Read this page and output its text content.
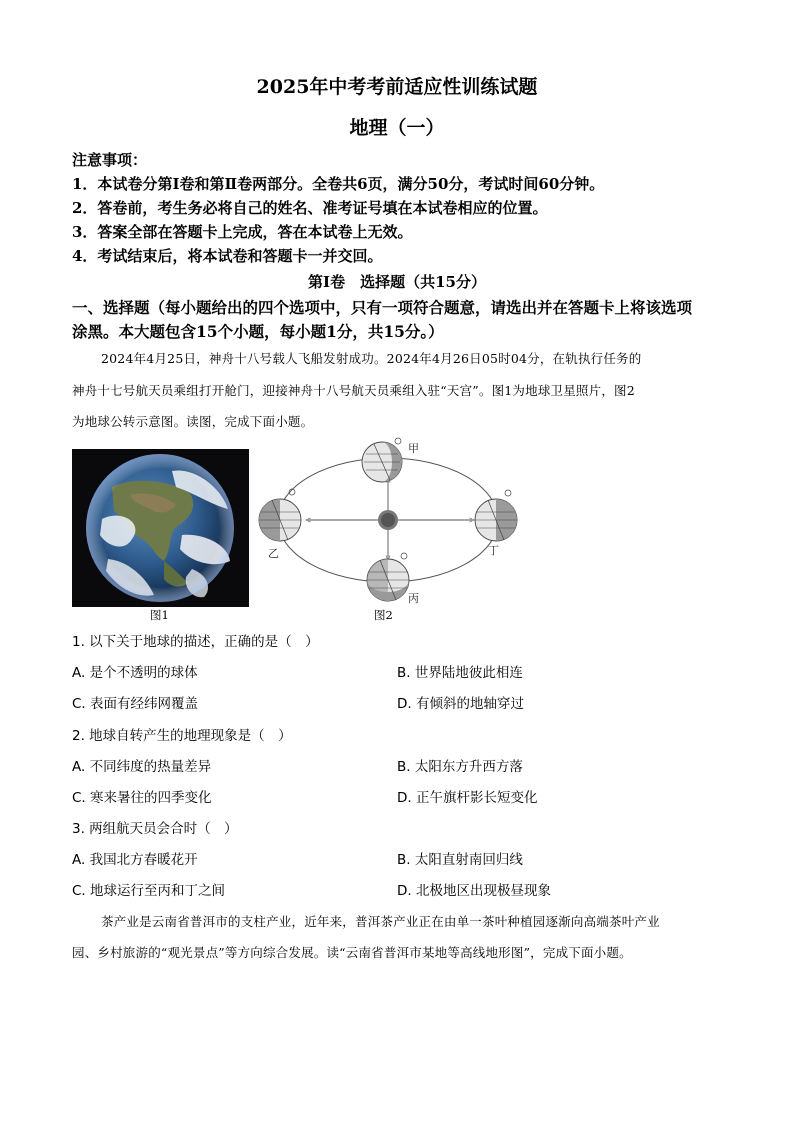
2025年中考考前适应性训练试题
地理（一）
注意事项：
1．本试卷分第Ⅰ卷和第Ⅱ卷两部分。全卷共6页，满分50分，考试时间60分钟。
2．答卷前，考生务必将自己的姓名、准考证号填在本试卷相应的位置。
3．答案全部在答题卡上完成，答在本试卷上无效。
4．考试结束后，将本试卷和答题卡一并交回。
第Ⅰ卷　选择题（共15分）
一、选择题（每小题给出的四个选项中，只有一项符合题意，请选出并在答题卡上将该选项
涂黑。本大题包含15个小题，每小题1分，共15分。）
2024年4月25日，神舟十八号载人飞船发射成功。2024年4月26日05时04分，在轨执行任务的
神舟十七号航天员乘组打开舱门，迎接神舟十八号航天员乘组入驻“天宫”。图1为地球卫星照片，图2
为地球公转示意图。读图，完成下面小题。
图1
甲
乙
丙
丁
图2
1. 以下关于地球的描述，正确的是（　）
A. 是个不透明的球体	B. 世界陆地彼此相连
C. 表面有经纬网覆盖	D. 有倾斜的地轴穿过
2. 地球自转产生的地理现象是（　）
A. 不同纬度的热量差异	B. 太阳东方升西方落
C. 寒来暑往的四季变化	D. 正午旗杆影长短变化
3. 两组航天员会合时（　）
A. 我国北方春暖花开	B. 太阳直射南回归线
C. 地球运行至丙和丁之间	D. 北极地区出现极昼现象
茶产业是云南省普洱市的支柱产业，近年来，普洱茶产业正在由单一茶叶种植园逐渐向高端茶叶产业
园、乡村旅游的“观光景点”等方向综合发展。读“云南省普洱市某地等高线地形图”，完成下面小题。
